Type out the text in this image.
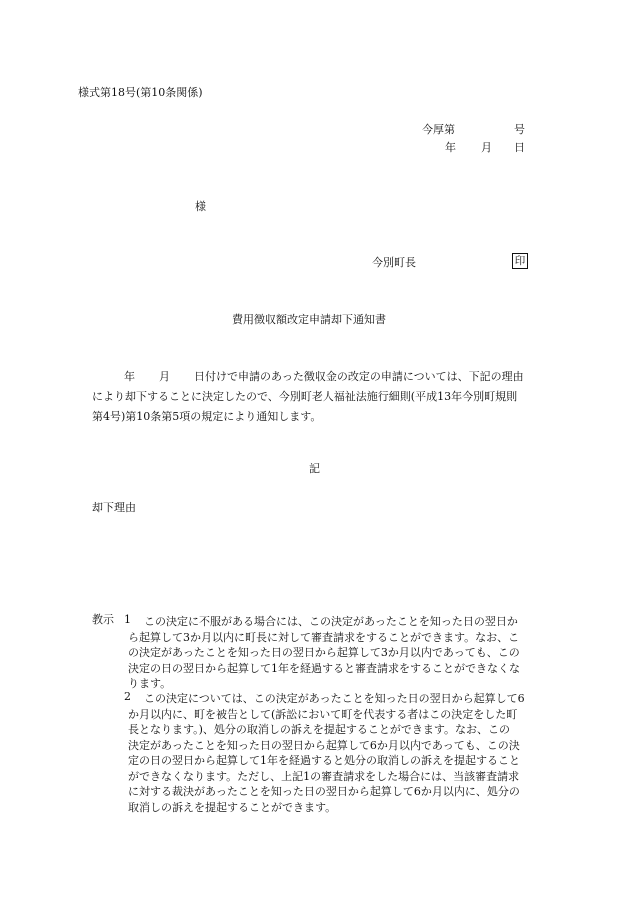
様式第18号(第10条関係)
今厚第	号
年 月 日
様
今別町長	印
費用徴収額改定申請却下通知書
年 月 日付けで申請のあった徴収金の改定の申請については、下記の理由
により却下することに決定したので、今別町老人福祉法施行細則(平成13年今別町規則
第4号)第10条第5項の規定により通知します。
記
却下理由
教示 1 この決定に不服がある場合には、この決定があったことを知った日の翌日か
ら起算して3か月以内に町長に対して審査請求をすることができます。なお、こ
の決定があったことを知った日の翌日から起算して3か月以内であっても、この
決定の日の翌日から起算して1年を経過すると審査請求をすることができなくな
ります。
2 この決定については、この決定があったことを知った日の翌日から起算して6
か月以内に、町を被告として(訴訟において町を代表する者はこの決定をした町
長となります。)、処分の取消しの訴えを提起することができます。なお、この
決定があったことを知った日の翌日から起算して6か月以内であっても、この決
定の日の翌日から起算して1年を経過すると処分の取消しの訴えを提起すること
ができなくなります。ただし、上記1の審査請求をした場合には、当該審査請求
に対する裁決があったことを知った日の翌日から起算して6か月以内に、処分の
取消しの訴えを提起することができます。
